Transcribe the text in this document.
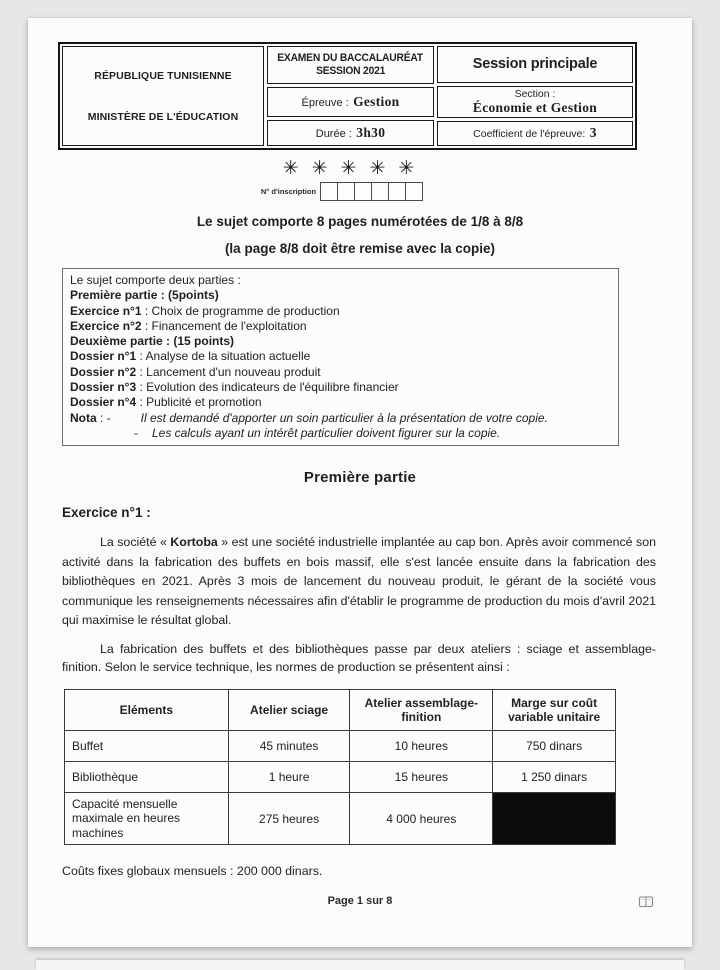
RÉPUBLIQUE TUNISIENNE
MINISTÈRE DE L'ÉDUCATION
EXAMEN DU BACCALAURÉAT
SESSION 2021
Épreuve : Gestion
Durée : 3h30
Session principale
Section :
Économie et Gestion
Coefficient de l'épreuve: 3
✳✳✳✳✳
N° d'inscription
Le sujet comporte 8 pages numérotées de 1/8 à 8/8
(la page 8/8 doit être remise avec la copie)
Le sujet comporte deux parties :
Première partie : (5points)
Exercice n°1 : Choix de programme de production
Exercice n°2 : Financement de l'exploitation
Deuxième partie : (15 points)
Dossier n°1 : Analyse de la situation actuelle
Dossier n°2 : Lancement d'un nouveau produit
Dossier n°3 : Evolution des indicateurs de l'équilibre financier
Dossier n°4 : Publicité et promotion
Nota : -	Il est demandé d'apporter un soin particulier à la présentation de votre copie.
- Les calculs ayant un intérêt particulier doivent figurer sur la copie.
Première partie
Exercice n°1 :

La société « Kortoba » est une société industrielle implantée au cap bon. Après avoir commencé son activité dans la fabrication des buffets en bois massif, elle s'est lancée ensuite dans la fabrication des bibliothèques en 2021. Après 3 mois de lancement du nouveau produit, le gérant de la société vous communique les renseignements nécessaires afin d'établir le programme de production du mois d'avril 2021 qui maximise le résultat global.

La fabrication des buffets et des bibliothèques passe par deux ateliers : sciage et assemblage-finition. Selon le service technique, les normes de production se présentent ainsi :

Eléments	Atelier sciage	Atelier assemblage-finition	Marge sur coût variable unitaire
Buffet	45 minutes	10 heures	750 dinars
Bibliothèque	1 heure	15 heures	1 250 dinars
Capacité mensuelle maximale en heures machines	275 heures	4 000 heures	
Coûts fixes globaux mensuels : 200 000 dinars.
Page 1 sur 8
